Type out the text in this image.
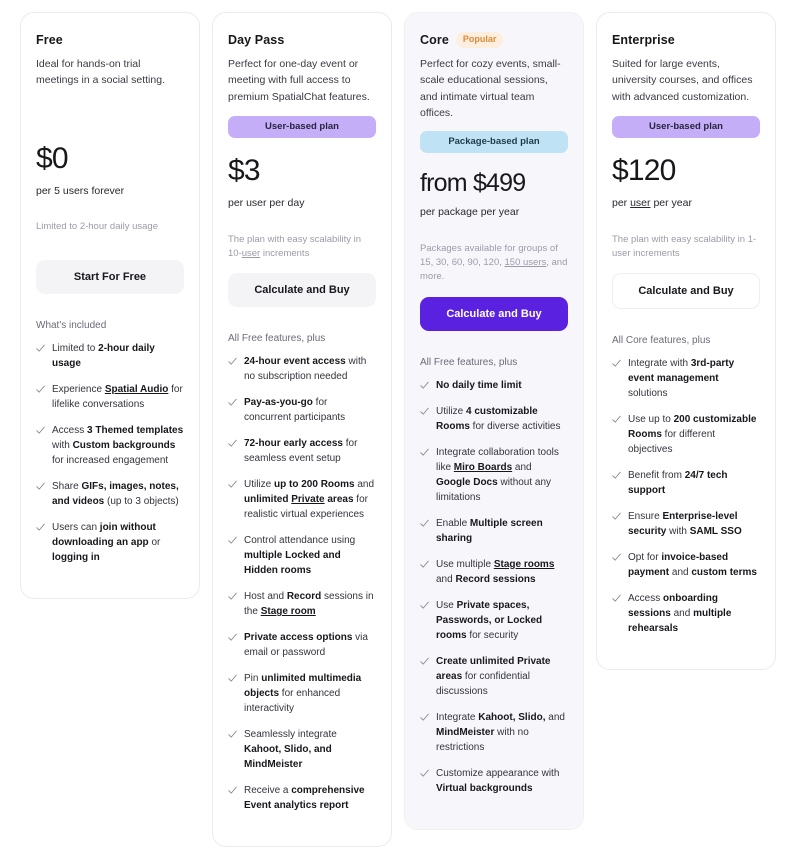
Free

Ideal for hands-on trial meetings in a social setting.

$0
per 5 users forever
Limited to 2-hour daily usage
Start For Free
What's included
Limited to 2-hour daily usage
Experience Spatial Audio for lifelike conversations
Access 3 Themed templates with Custom backgrounds for increased engagement
Share GIFs, images, notes, and videos (up to 3 objects)
Users can join without downloading an app or logging in
Day Pass

Perfect for one-day event or meeting with full access to premium SpatialChat features.

User-based plan
$3
per user per day
The plan with easy scalability in 10-user increments
Calculate and Buy
All Free features, plus
24-hour event access with no subscription needed
Pay-as-you-go for concurrent participants
72-hour early access for seamless event setup
Utilize up to 200 Rooms and unlimited Private areas for realistic virtual experiences
Control attendance using multiple Locked and Hidden rooms
Host and Record sessions in the Stage room
Private access options via email or password
Pin unlimited multimedia objects for enhanced interactivity
Seamlessly integrate Kahoot, Slido, and MindMeister
Receive a comprehensive Event analytics report
Core	Popular

Perfect for cozy events, small-scale educational sessions, and intimate virtual team offices.

Package-based plan
from $499
per package per year
Packages available for groups of 15, 30, 60, 90, 120, 150 users, and more.
Calculate and Buy
All Free features, plus
No daily time limit
Utilize 4 customizable Rooms for diverse activities
Integrate collaboration tools like Miro Boards and Google Docs without any limitations
Enable Multiple screen sharing
Use multiple Stage rooms and Record sessions
Use Private spaces, Passwords, or Locked rooms for security
Create unlimited Private areas for confidential discussions
Integrate Kahoot, Slido, and MindMeister with no restrictions
Customize appearance with Virtual backgrounds
Enterprise

Suited for large events, university courses, and offices with advanced customization.

User-based plan
$120
per user per year
The plan with easy scalability in 1-user increments
Calculate and Buy
All Core features, plus
Integrate with 3rd-party event management solutions
Use up to 200 customizable Rooms for different objectives
Benefit from 24/7 tech support
Ensure Enterprise-level security with SAML SSO
Opt for invoice-based payment and custom terms
Access onboarding sessions and multiple rehearsals
